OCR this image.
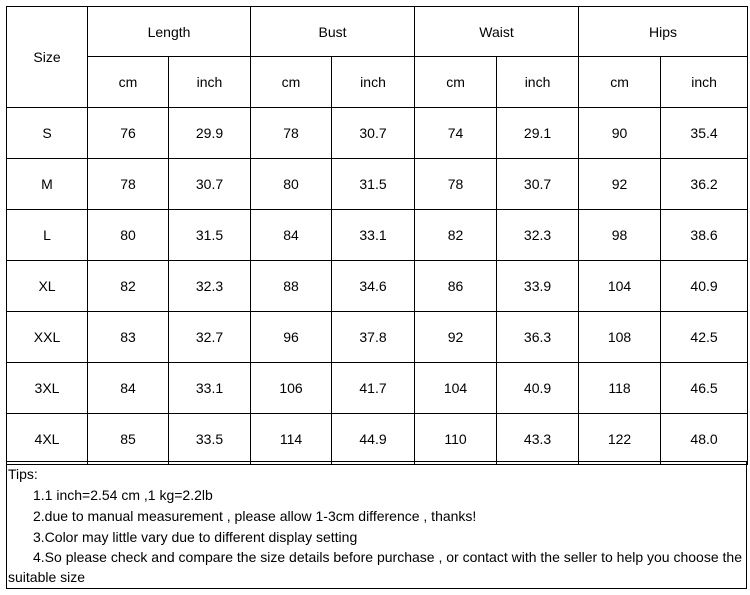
Size	Length		Bust		Waist		Hips	
	cm	inch	cm	inch	cm	inch	cm	inch
S	76	29.9	78	30.7	74	29.1	90	35.4
M	78	30.7	80	31.5	78	30.7	92	36.2
L	80	31.5	84	33.1	82	32.3	98	38.6
XL	82	32.3	88	34.6	86	33.9	104	40.9
XXL	83	32.7	96	37.8	92	36.3	108	42.5
3XL	84	33.1	106	41.7	104	40.9	118	46.5
4XL	85	33.5	114	44.9	110	43.3	122	48.0
Tips:
1.1 inch=2.54 cm ,1 kg=2.2lb
2.due to manual measurement , please allow 1-3cm difference , thanks!
3.Color may little vary due to different display setting
4.So please check and compare the size details before purchase , or contact with the seller to help you choose the
suitable size
